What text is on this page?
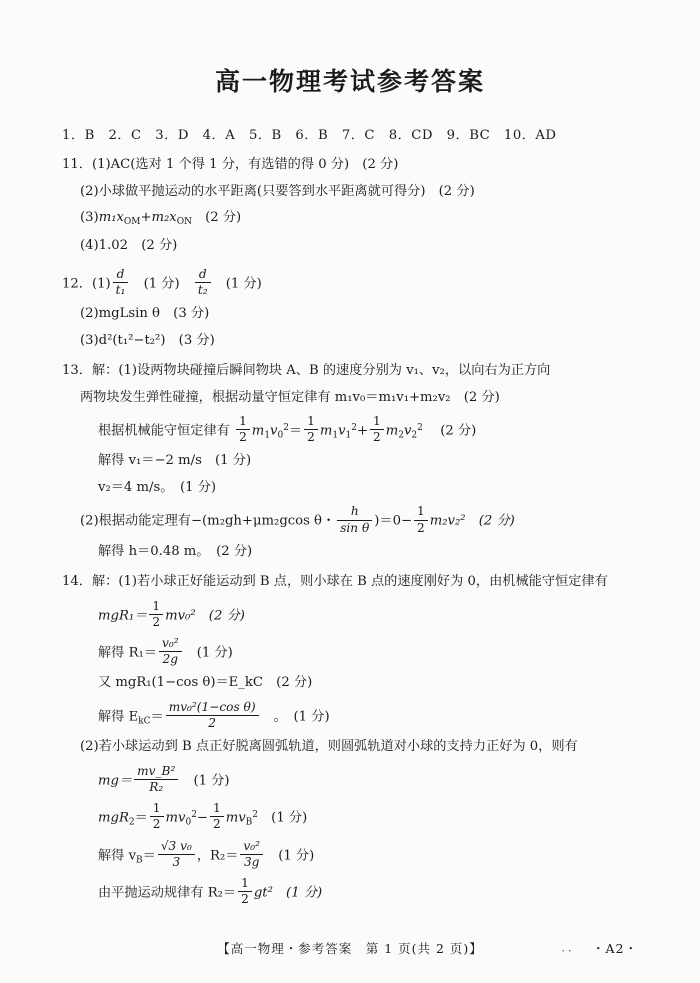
高一物理考试参考答案
1．B　2．C　3．D　4．A　5．B　6．B　7．C　8．CD　9．BC　10．AD
11．(1)AC(选对 1 个得 1 分，有选错的得 0 分)　(2 分)
(2)小球做平抛运动的水平距离(只要答到水平距离就可得分)　(2 分)
$(3)m_1x_{OM}+m_2x_{ON}$　(2 分)
(4)1.02　(2 分)
12．$(1) \frac{d}{\text{t₁}}$
　 (1 分)　 $\frac{d}{\text{t₂}}$
　 (1 分)
(2)mgLsin θ　(3 分)
(3)d²(t₁²−t₂²)　(3 分)
13．解：(1)设两物块碰撞后瞬间物块 A、B 的速度分别为 v₁、v₂，以向右为正方向
两物块发生弹性碰撞，根据动量守恒定律有 m₁v₀＝m₁v₁+m₂v₂　(2 分)
根据机械能守恒定律有 $\frac{1}{2} m_1v_0^2= \frac{1}{2} m_1v_1^2+ \frac{1}{2} m_2v_2^2$ 　 (2 分)
解得 v₁＝−2 m/s　(1 分)
v₂＝4 m/s。　(1 分)
(2)根据动能定理有−(m₂gh+μm₂gcos θ・ $\frac{h}{\text{sin θ}} )=0- \frac{1}{2} m_2v_2^2$　(2 分)
解得 h＝0.48 m。　(2 分)
14．解：(1)若小球正好能运动到 B 点，则小球在 B 点的速度刚好为 0，由机械能守恒定律有
$mgR_1= \frac{1}{2} mv_0^2$　(2 分)
解得 $R_1= \frac{\text{v₀²}}{2g}$
　 (1 分)
又 mgR₁(1−cos θ)＝E_kC　(2 分)
解得 $E_{kC}= \frac{\text{mv₀²(1−cos θ)}}{2}$
　 。　(1 分)
(2)若小球运动到 B 点正好脱离圆弧轨道，则圆弧轨道对小球的支持力正好为 0，则有
$mg= \frac{\text{mv\_B²}}{\text{R₂}}$
　 (1 分)
$mgR_2= \frac{1}{2} mv_0^2- \frac{1}{2} mv_B^2$　 (1 分)
解得 $v_B= \frac{\text{√3 v₀}}{3}$ ，$R_2= \frac{\text{v₀²}}{3g}$
　 (1 分)
由平抛运动规律有 $R_2= \frac{1}{2} gt^2$　(1 分)
【高一物理・参考答案　 第 1 页(共 2 页)】	．． ・A2・
